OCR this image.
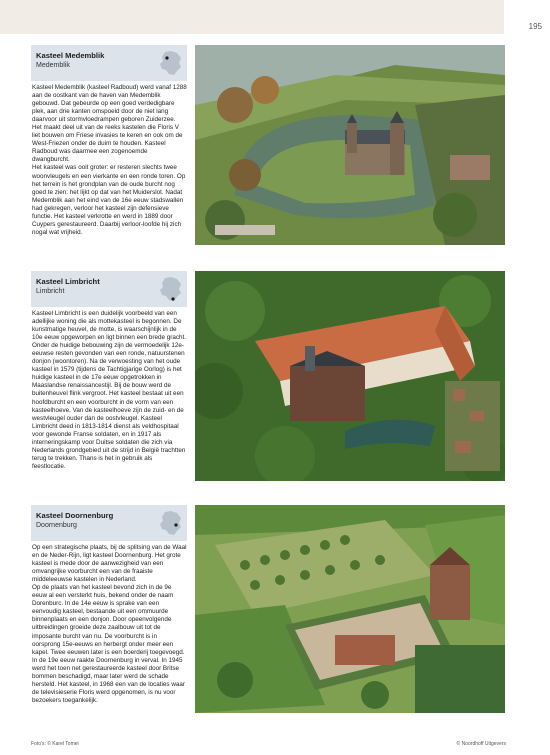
195
Kasteel Medemblik
Medemblik

Kasteel Medemblik (kasteel Radboud) werd vanaf 1288 aan de oostkant van de haven van Medemblik gebouwd. Dat gebeurde op een goed verdedigbare plek, aan drie kanten omspoeld door de niet lang daarvoor uit stormvloedrampen geboren Zuiderzee. Het maakt deel uit van de reeks kastelen die Floris V liet bouwen om Friese invasies te keren en ook om de West-Friezen onder de duim te houden. Kasteel Radboud was daarmee een zogenoemde dwangburcht.

Het kasteel was ooit groter: er resteren slechts twee woonvleugels en een vierkante en een ronde toren. Op het terrein is het grondplan van de oude burcht nog goed te zien: het lijkt op dat van het Muiderslot. Nadat Medemblik aan het eind van de 16e eeuw stadswallen had gekregen, verloor het kasteel zijn defensieve functie. Het kasteel verkrotte en werd in 1889 door Cuypers gerestaureerd. Daarbij verloor-loofde hij zich nogal wat vrijheid.

Kasteel Limbricht
Limbricht

Kasteel Limbricht is een duidelijk voorbeeld van een adellijke woning die als mottekasteel is begonnen. De kunstmatige heuvel, de motte, is waarschijnlijk in de 10e eeuw opgeworpen en ligt binnen een brede gracht. Onder de huidige bebouwing zijn de vermoedelijk 12e-eeuwse resten gevonden van een ronde, natuurstenen donjon (woontoren). Na de verwoesting van het oude kasteel in 1579 (tijdens de Tachtigjarige Oorlog) is het huidige kasteel in de 17e eeuw opgetrokken in Maaslandse renaissancestijl. Bij de bouw werd de buitenheuvel flink vergroot. Het kasteel bestaat uit een hoofdburcht en een voorburcht in de vorm van een kasteelhoeve. Van de kasteelhoeve zijn de zuid- en de westvleugel ouder dan de oostvleugel. Kasteel Limbricht deed in 1813-1814 dienst als veldhospitaal voor gewonde Franse soldaten, en in 1917 als interneringskamp voor Duitse soldaten die zich via Nederlands grondgebied uit de strijd in België trachtten terug te trekken. Thans is het in gebruik als feestlocatie.

Kasteel Doornenburg
Doornenburg

Op een strategische plaats, bij de splitsing van de Waal en de Neder-Rijn, ligt kasteel Doornenburg. Het grote kasteel is mede door de aanwezigheid van een omvangrijke voorburcht een van de fraaiste middeleeuwse kastelen in Nederland.

Op de plaats van het kasteel bevond zich in de 9e eeuw al een versterkt huis, bekend onder de naam Dorenburc. In de 14e eeuw is sprake van een eenvoudig kasteel, bestaande uit een ommuurde binnenplaats en een donjon. Door opeenvolgende uitbreidingen groeide deze zaalbouw uit tot de imposante burcht van nu. De voorburcht is in oorsprong 15e-eeuws en herbergt onder meer een kapel. Twee eeuwen later is een boerderij toegevoegd.

In de 19e eeuw raakte Doornenburg in verval. In 1945 werd het toen net gerestaureerde kasteel door Britse bommen beschadigd, maar later werd de schade hersteld. Het kasteel, in 1968 een van de locaties waar de televisieserie Floris werd opgenomen, is nu voor bezoekers toegankelijk.

Foto's: © Karel Tomei	© Noordhoff Uitgevers
